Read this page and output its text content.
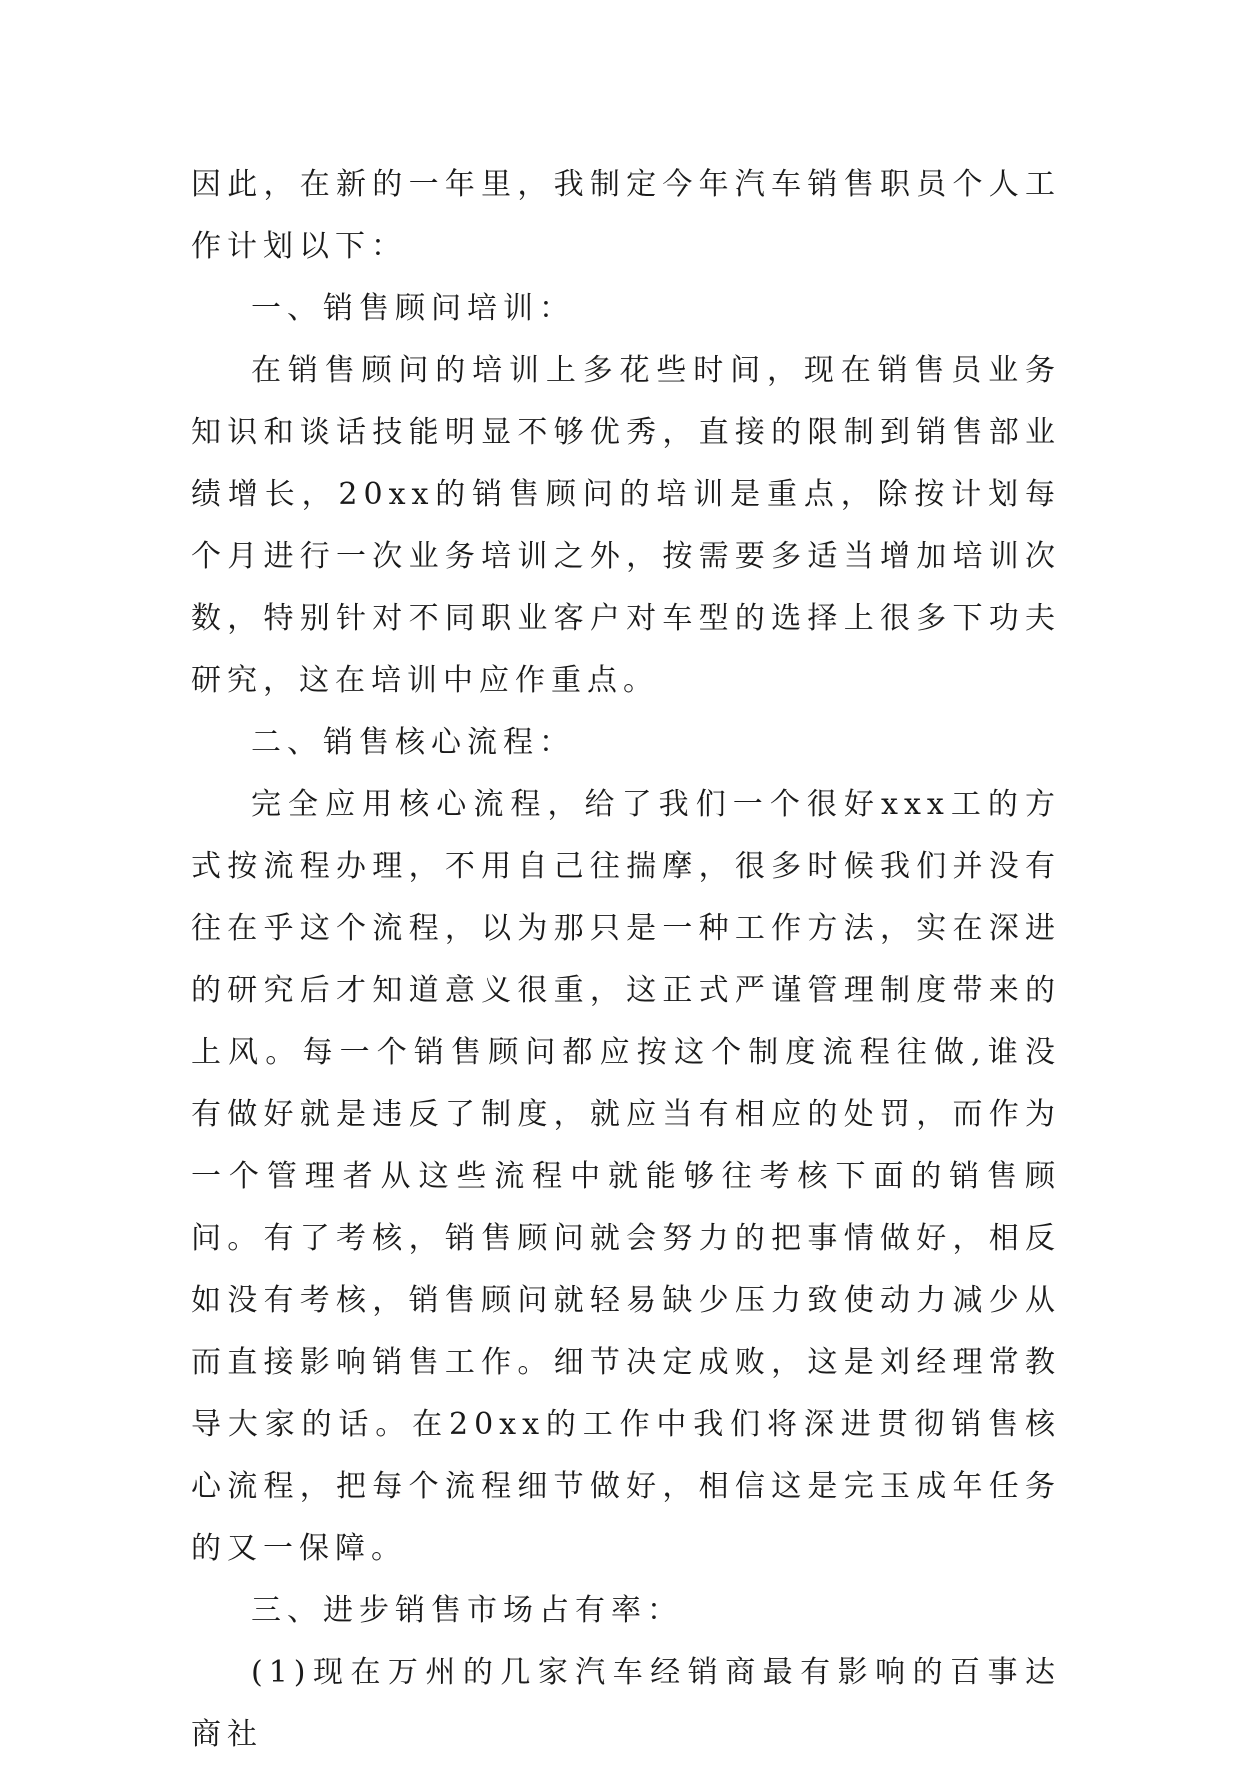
因此，在新的一年里，我制定今年汽车销售职员个人工作计划以下：

一、销售顾问培训：

在销售顾问的培训上多花些时间，现在销售员业务知识和谈话技能明显不够优秀，直接的限制到销售部业绩增长，20xx的销售顾问的培训是重点，除按计划每个月进行一次业务培训之外，按需要多适当增加培训次数，特别针对不同职业客户对车型的选择上很多下功夫研究，这在培训中应作重点。

二、销售核心流程：

完全应用核心流程，给了我们一个很好xxx工的方式按流程办理，不用自己往揣摩，很多时候我们并没有往在乎这个流程，以为那只是一种工作方法，实在深进的研究后才知道意义很重，这正式严谨管理制度带来的上风。每一个销售顾问都应按这个制度流程往做,谁没有做好就是违反了制度，就应当有相应的处罚，而作为一个管理者从这些流程中就能够往考核下面的销售顾问。有了考核，销售顾问就会努力的把事情做好，相反如没有考核，销售顾问就轻易缺少压力致使动力减少从而直接影响销售工作。细节决定成败，这是刘经理常教导大家的话。在20xx的工作中我们将深进贯彻销售核心流程，把每个流程细节做好，相信这是完玉成年任务的又一保障。

三、进步销售市场占有率：

(1)现在万州的几家汽车经销商最有影响的百事达商社
